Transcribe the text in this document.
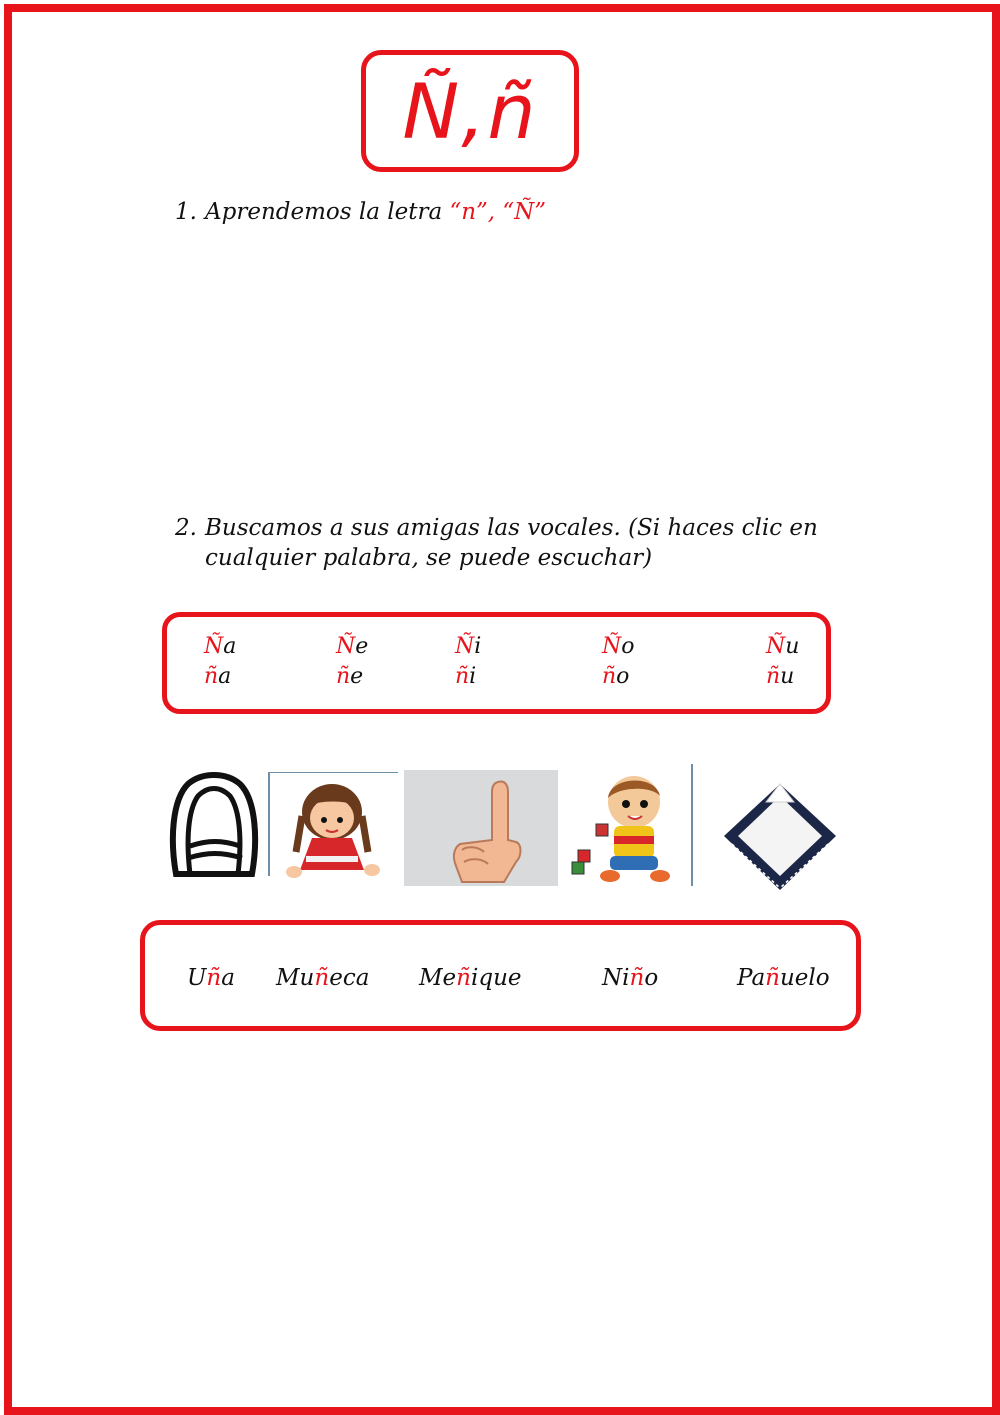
Ñ,ñ
1. Aprendemos la letra “n”, “Ñ”
2. Buscamos a sus amigas las vocales. (Si haces clic en
cualquier palabra, se puede escuchar)
Ña	Ñe	Ñi	Ño	Ñu
ña	ñe	ñi	ño	ñu
Uña Muñeca Meñique	Niño	Pañuelo
